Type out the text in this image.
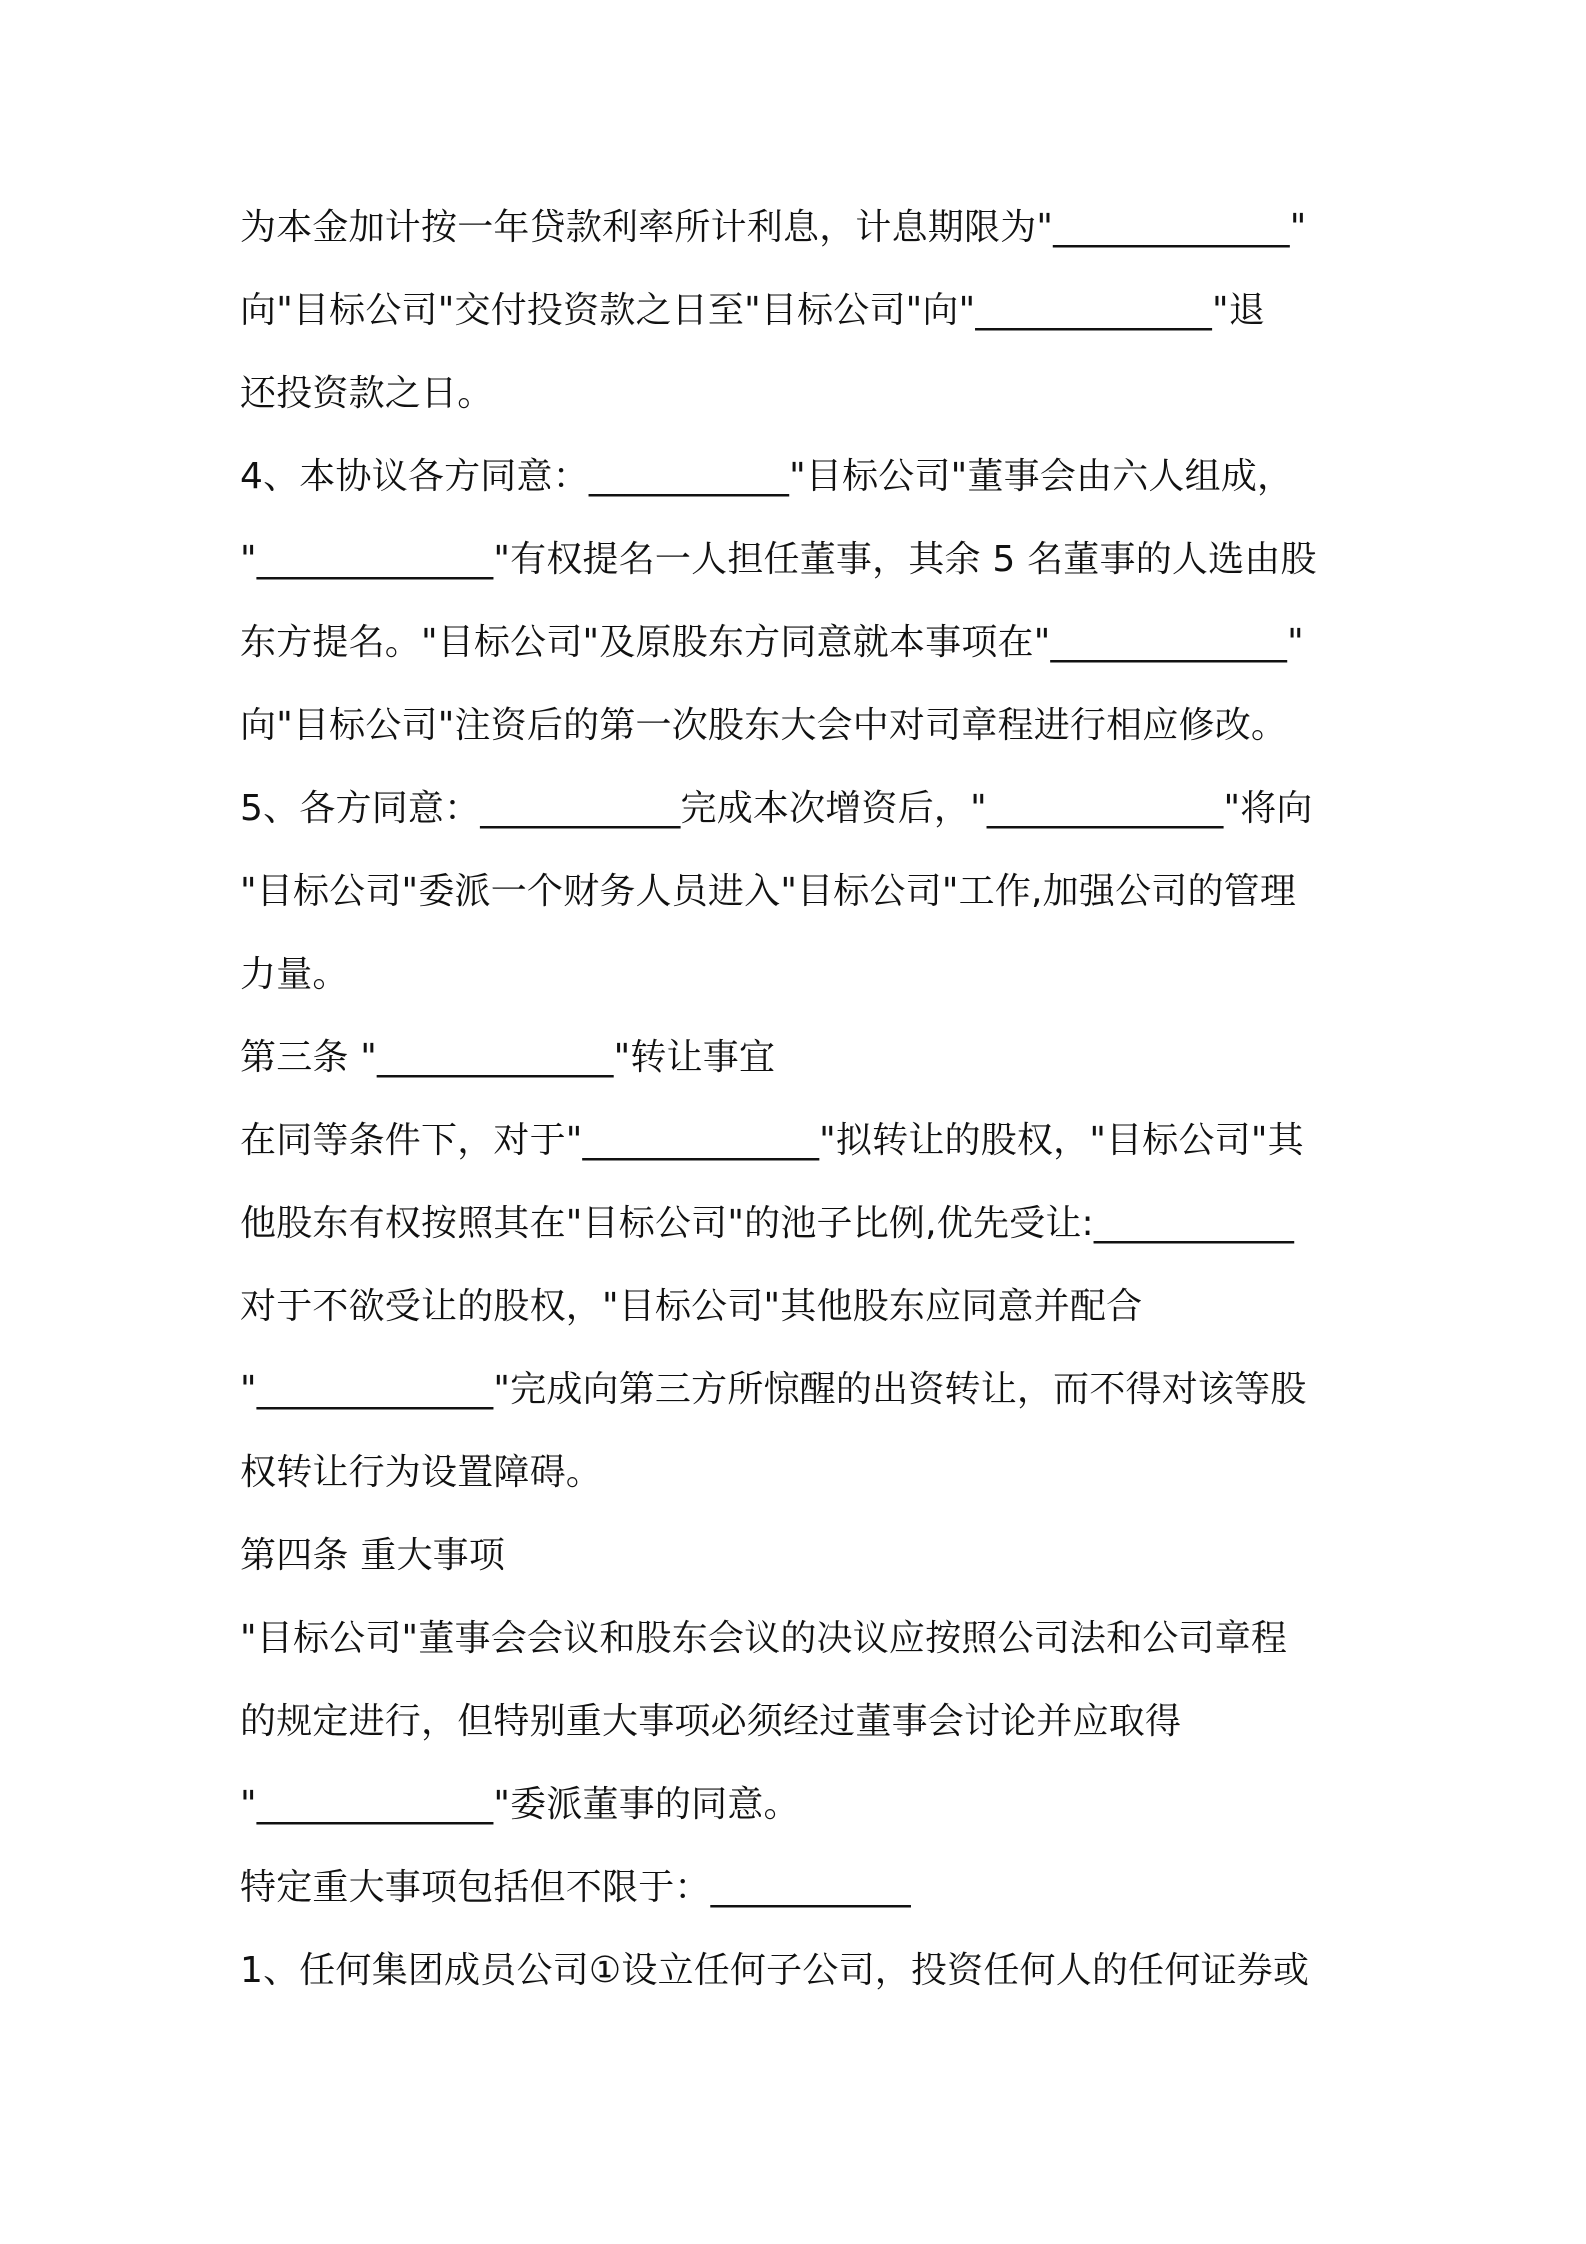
为本金加计按一年贷款利率所计利息，计息期限为"_____________"
向"目标公司"交付投资款之日至"目标公司"向"_____________"退
还投资款之日。
4、本协议各方同意：___________"目标公司"董事会由六人组成，
"_____________"有权提名一人担任董事，其余 5 名董事的人选由股
东方提名。"目标公司"及原股东方同意就本事项在"_____________"
向"目标公司"注资后的第一次股东大会中对司章程进行相应修改。
5、各方同意：___________完成本次增资后，"_____________"将向
"目标公司"委派一个财务人员进入"目标公司"工作,加强公司的管理
力量。
第三条 "_____________"转让事宜
在同等条件下，对于"_____________"拟转让的股权，"目标公司"其
他股东有权按照其在"目标公司"的池子比例,优先受让:___________
对于不欲受让的股权，"目标公司"其他股东应同意并配合
"_____________"完成向第三方所惊醒的出资转让，而不得对该等股
权转让行为设置障碍。
第四条 重大事项
"目标公司"董事会会议和股东会议的决议应按照公司法和公司章程
的规定进行，但特别重大事项必须经过董事会讨论并应取得
"_____________"委派董事的同意。
特定重大事项包括但不限于：___________
1、任何集团成员公司①设立任何子公司，投资任何人的任何证券或
